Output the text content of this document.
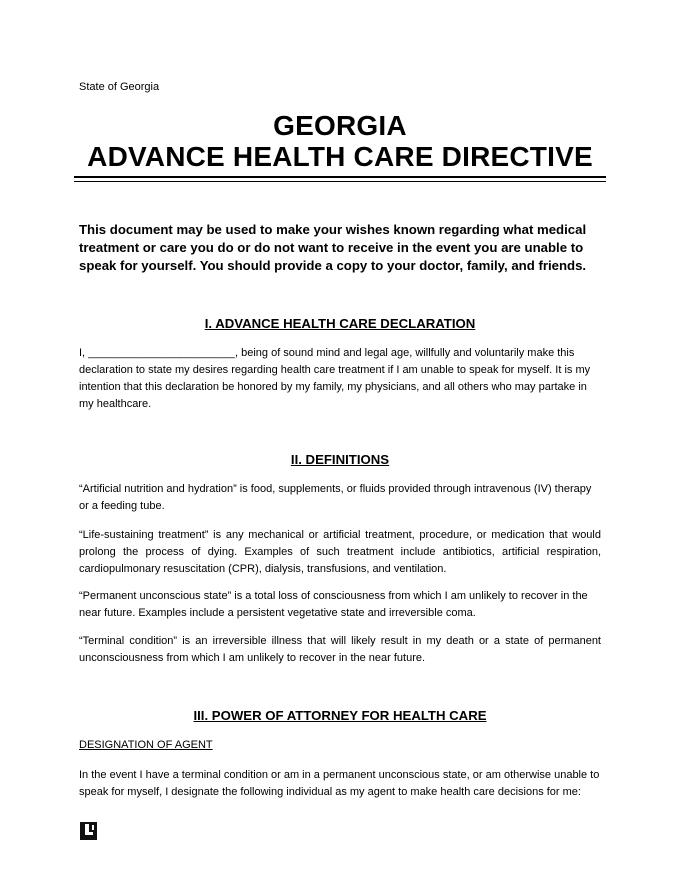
State of Georgia
GEORGIA
ADVANCE HEALTH CARE DIRECTIVE
This document may be used to make your wishes known regarding what medical treatment or care you do or do not want to receive in the event you are unable to speak for yourself. You should provide a copy to your doctor, family, and friends.
I. ADVANCE HEALTH CARE DECLARATION
I, ________________________, being of sound mind and legal age, willfully and voluntarily make this declaration to state my desires regarding health care treatment if I am unable to speak for myself. It is my intention that this declaration be honored by my family, my physicians, and all others who may partake in my healthcare.
II. DEFINITIONS
“Artificial nutrition and hydration” is food, supplements, or fluids provided through intravenous (IV) therapy or a feeding tube.
“Life-sustaining treatment” is any mechanical or artificial treatment, procedure, or medication that would prolong the process of dying. Examples of such treatment include antibiotics, artificial respiration, cardiopulmonary resuscitation (CPR), dialysis, transfusions, and ventilation.
“Permanent unconscious state” is a total loss of consciousness from which I am unlikely to recover in the near future. Examples include a persistent vegetative state and irreversible coma.
“Terminal condition” is an irreversible illness that will likely result in my death or a state of permanent unconsciousness from which I am unlikely to recover in the near future.
III. POWER OF ATTORNEY FOR HEALTH CARE
DESIGNATION OF AGENT
In the event I have a terminal condition or am in a permanent unconscious state, or am otherwise unable to speak for myself, I designate the following individual as my agent to make health care decisions for me:
